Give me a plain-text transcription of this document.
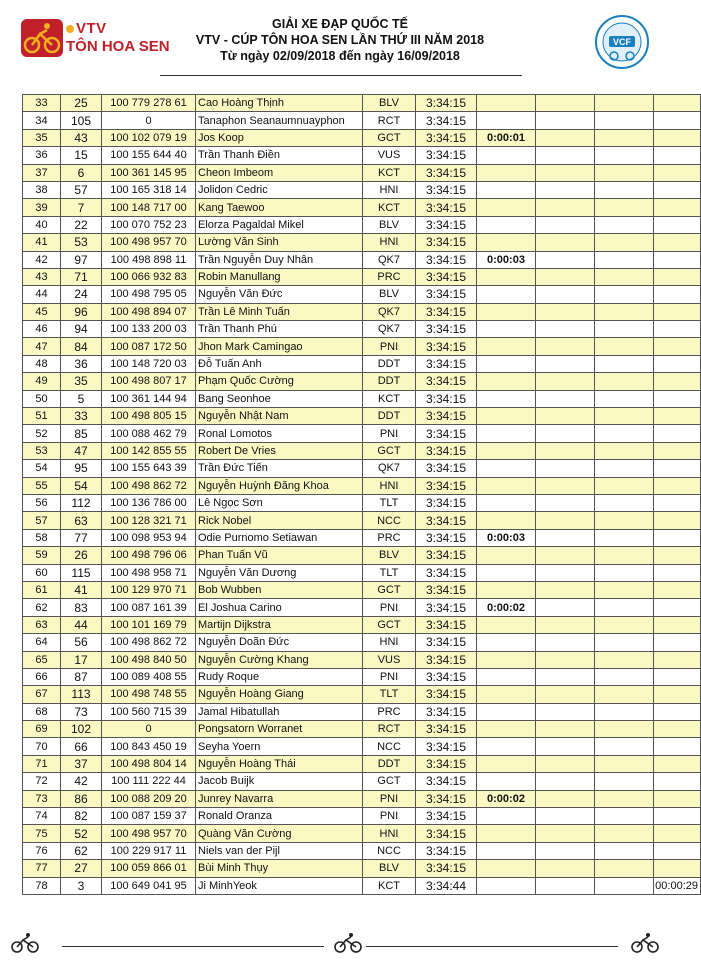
VTV
TÔN HOA SEN
GIẢI XE ĐẠP QUỐC TẾ
VTV - CÚP TÔN HOA SEN LẦN THỨ III NĂM 2018
Từ ngày 02/09/2018 đến ngày 16/09/2018
VCF
33	25	100 779 278 61	Cao Hoàng Thịnh	BLV	3:34:15				
34	105	0	Tanaphon Seanaumnuayphon	RCT	3:34:15				
35	43	100 102 079 19	Jos Koop	GCT	3:34:15	0:00:01			
36	15	100 155 644 40	Trần Thanh Điền	VUS	3:34:15				
37	6	100 361 145 95	Cheon Imbeom	KCT	3:34:15				
38	57	100 165 318 14	Jolidon Cedric	HNI	3:34:15				
39	7	100 148 717 00	Kang Taewoo	KCT	3:34:15				
40	22	100 070 752 23	Elorza Pagaldal Mikel	BLV	3:34:15				
41	53	100 498 957 70	Lường Văn Sinh	HNI	3:34:15				
42	97	100 498 898 11	Trần Nguyễn Duy Nhân	QK7	3:34:15	0:00:03			
43	71	100 066 932 83	Robin Manullang	PRC	3:34:15				
44	24	100 498 795 05	Nguyễn Văn Đức	BLV	3:34:15				
45	96	100 498 894 07	Trần Lê Minh Tuấn	QK7	3:34:15				
46	94	100 133 200 03	Trần Thanh Phú	QK7	3:34:15				
47	84	100 087 172 50	Jhon Mark Camingao	PNI	3:34:15				
48	36	100 148 720 03	Đỗ Tuấn Anh	DDT	3:34:15				
49	35	100 498 807 17	Phạm Quốc Cường	DDT	3:34:15				
50	5	100 361 144 94	Bang Seonhoe	KCT	3:34:15				
51	33	100 498 805 15	Nguyễn Nhật Nam	DDT	3:34:15				
52	85	100 088 462 79	Ronal Lomotos	PNI	3:34:15				
53	47	100 142 855 55	Robert De Vries	GCT	3:34:15				
54	95	100 155 643 39	Trần Đức Tiến	QK7	3:34:15				
55	54	100 498 862 72	Nguyễn Huỳnh Đăng Khoa	HNI	3:34:15				
56	112	100 136 786 00	Lê Ngọc Sơn	TLT	3:34:15				
57	63	100 128 321 71	Rick Nobel	NCC	3:34:15				
58	77	100 098 953 94	Odie Purnomo Setiawan	PRC	3:34:15	0:00:03			
59	26	100 498 796 06	Phan Tuấn Vũ	BLV	3:34:15				
60	115	100 498 958 71	Nguyễn Văn Dương	TLT	3:34:15				
61	41	100 129 970 71	Bob Wubben	GCT	3:34:15				
62	83	100 087 161 39	El Joshua Carino	PNI	3:34:15	0:00:02			
63	44	100 101 169 79	Martijn Dijkstra	GCT	3:34:15				
64	56	100 498 862 72	Nguyễn Doãn Đức	HNI	3:34:15				
65	17	100 498 840 50	Nguyễn Cường Khang	VUS	3:34:15				
66	87	100 089 408 55	Rudy Roque	PNI	3:34:15				
67	113	100 498 748 55	Nguyễn Hoàng Giang	TLT	3:34:15				
68	73	100 560 715 39	Jamal Hibatullah	PRC	3:34:15				
69	102	0	Pongsatorn Worranet	RCT	3:34:15				
70	66	100 843 450 19	Seyha Yoern	NCC	3:34:15				
71	37	100 498 804 14	Nguyễn Hoàng Thái	DDT	3:34:15				
72	42	100 111 222 44	Jacob Buijk	GCT	3:34:15				
73	86	100 088 209 20	Junrey Navarra	PNI	3:34:15	0:00:02			
74	82	100 087 159 37	Ronald Oranza	PNI	3:34:15				
75	52	100 498 957 70	Quàng Văn Cường	HNI	3:34:15				
76	62	100 229 917 11	Niels van der Pijl	NCC	3:34:15				
77	27	100 059 866 01	Bùi Minh Thụy	BLV	3:34:15				
78	3	100 649 041 95	Ji MinhYeok	KCT	3:34:44				00:00:29
